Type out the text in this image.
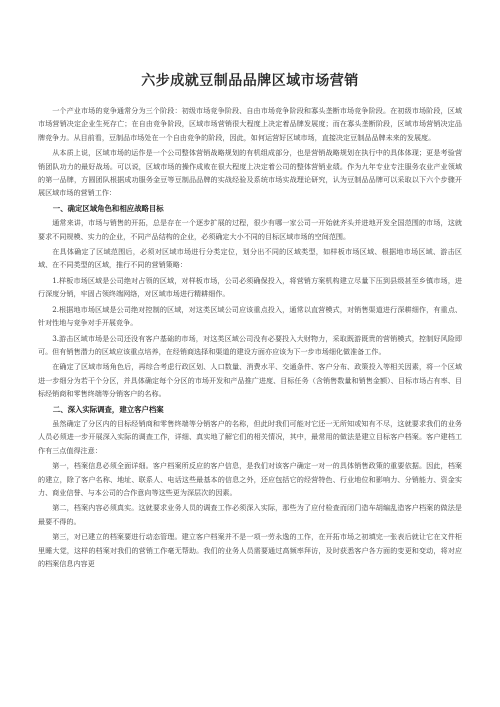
六步成就豆制品品牌区域市场营销

一个产业市场的竞争通常分为三个阶段：初级市场竞争阶段、自由市场竞争阶段和寡头垄断市场竞争阶段。在初级市场阶段，区域市场营销决定企业生死存亡；在自由竞争阶段，区域市场营销很大程度上决定着品牌发展度；而在寡头垄断阶段，区域市场营销决定品牌竞争力。从目前看，豆制品市场处在一个自由竞争的阶段，因此，如何运营好区域市场，直接决定豆制品品牌未来的发展度。

从本质上说，区域市场的运作是一个公司整体营销战略规划的有机组成部分，也是营销战略规划在执行中的具体体现；更是考验营销团队功力的最好战场。可以说，区域市场的操作成败在很大程度上决定着公司的整体营销业绩。作为九年专业专注服务农业产业领域的第一品牌，方圆团队根据成功服务金豆等豆制品品牌的实战经验及系统市场实战理论研究，认为豆制品品牌可以采取以下六个步骤开展区域市场的营销工作：

一、确定区域角色和相应战略目标

通常来讲，市场与销售的开拓，总是存在一个逐步扩展的过程，很少有哪一家公司一开始就齐头并进地开发全国范围的市场，这就要求不同规模、实力的企业，不同产品结构的企业，必须确定大小不同的目标区域市场的空间范围。

在具体确定了区域范围后，必须对区域市场进行分类定位，划分出不同的区域类型，如样板市场区域、根据地市场区域、游击区域、在不同类型的区域，推行不同的营销策略：

1.样板市场区域是公司绝对占领的区域，对样板市场，公司必须确保投入，将营销方案机构建立尽量下压到县级甚至乡镇市场，进行深度分销，牢固占领终端网络，对区域市场进行精耕细作。

2.根据地市场区域是公司绝对控制的区域，对这类区域公司应该重点投入，通常以直营模式，对销售渠道进行深耕细作，有重点、针对性地与竞争对手开展竞争。

3.游击区域市场是公司还没有客户基础的市场，对这类区域公司没有必要投入大财物力，采取既游既贵的营销模式，控制好风险即可。但有销售潜力的区域应该重点培养，在经销商选择和渠道的建设方面亦应该为下一步市场细化做准备工作。

在确定了区域市场角色后，再综合考虑行政区划、人口数量、消费水平、交通条件、客户分布、政策投入等相关因素，将一个区域进一步细分为若干个分区，并具体确定每个分区的市场开发和产品推广进度、目标任务（含销售数量和销售金额）、目标市场占有率、目标经销商和零售终端等分销客户的名称。

二、深入实际调查，建立客户档案

虽然确定了分区内的目标经销商和零售终端等分销客户的名称，但此时我们可能对它还一无所知或知有不尽，这就要求我们的业务人员必须进一步开展深入实际的调查工作，详细、真实地了解它们的相关情况，其中，最常用的做法是建立目标客户档案。客户建档工作有三点值得注意：

第一，档案信息必须全面详细。客户档案所反应的客户信息，是我们对该客户确定一对一的具体销售政策的重要依据。因此，档案的建立，除了客户名称、地址、联系人、电话这些最基本的信息之外，还应包括它的经营特色、行业地位和影响力、分销能力、资金实力、商业信誉、与本公司的合作意向等这些更为深层次的因素。

第二，档案内容必须真实。这就要求业务人员的调查工作必须深入实际，那些为了应付检查而闭门造车胡编乱造客户档案的做法是最要不得的。

第三，对已建立的档案要进行动态管理。建立客户档案并不是一项一劳永逸的工作，在开拓市场之初填完一张表后就让它在文件柜里睡大觉，这样的档案对我们的营销工作毫无帮助。我们的业务人员需要通过高频率拜访，及时获悉客户各方面的变更和变动，将对应的档案信息内容更
